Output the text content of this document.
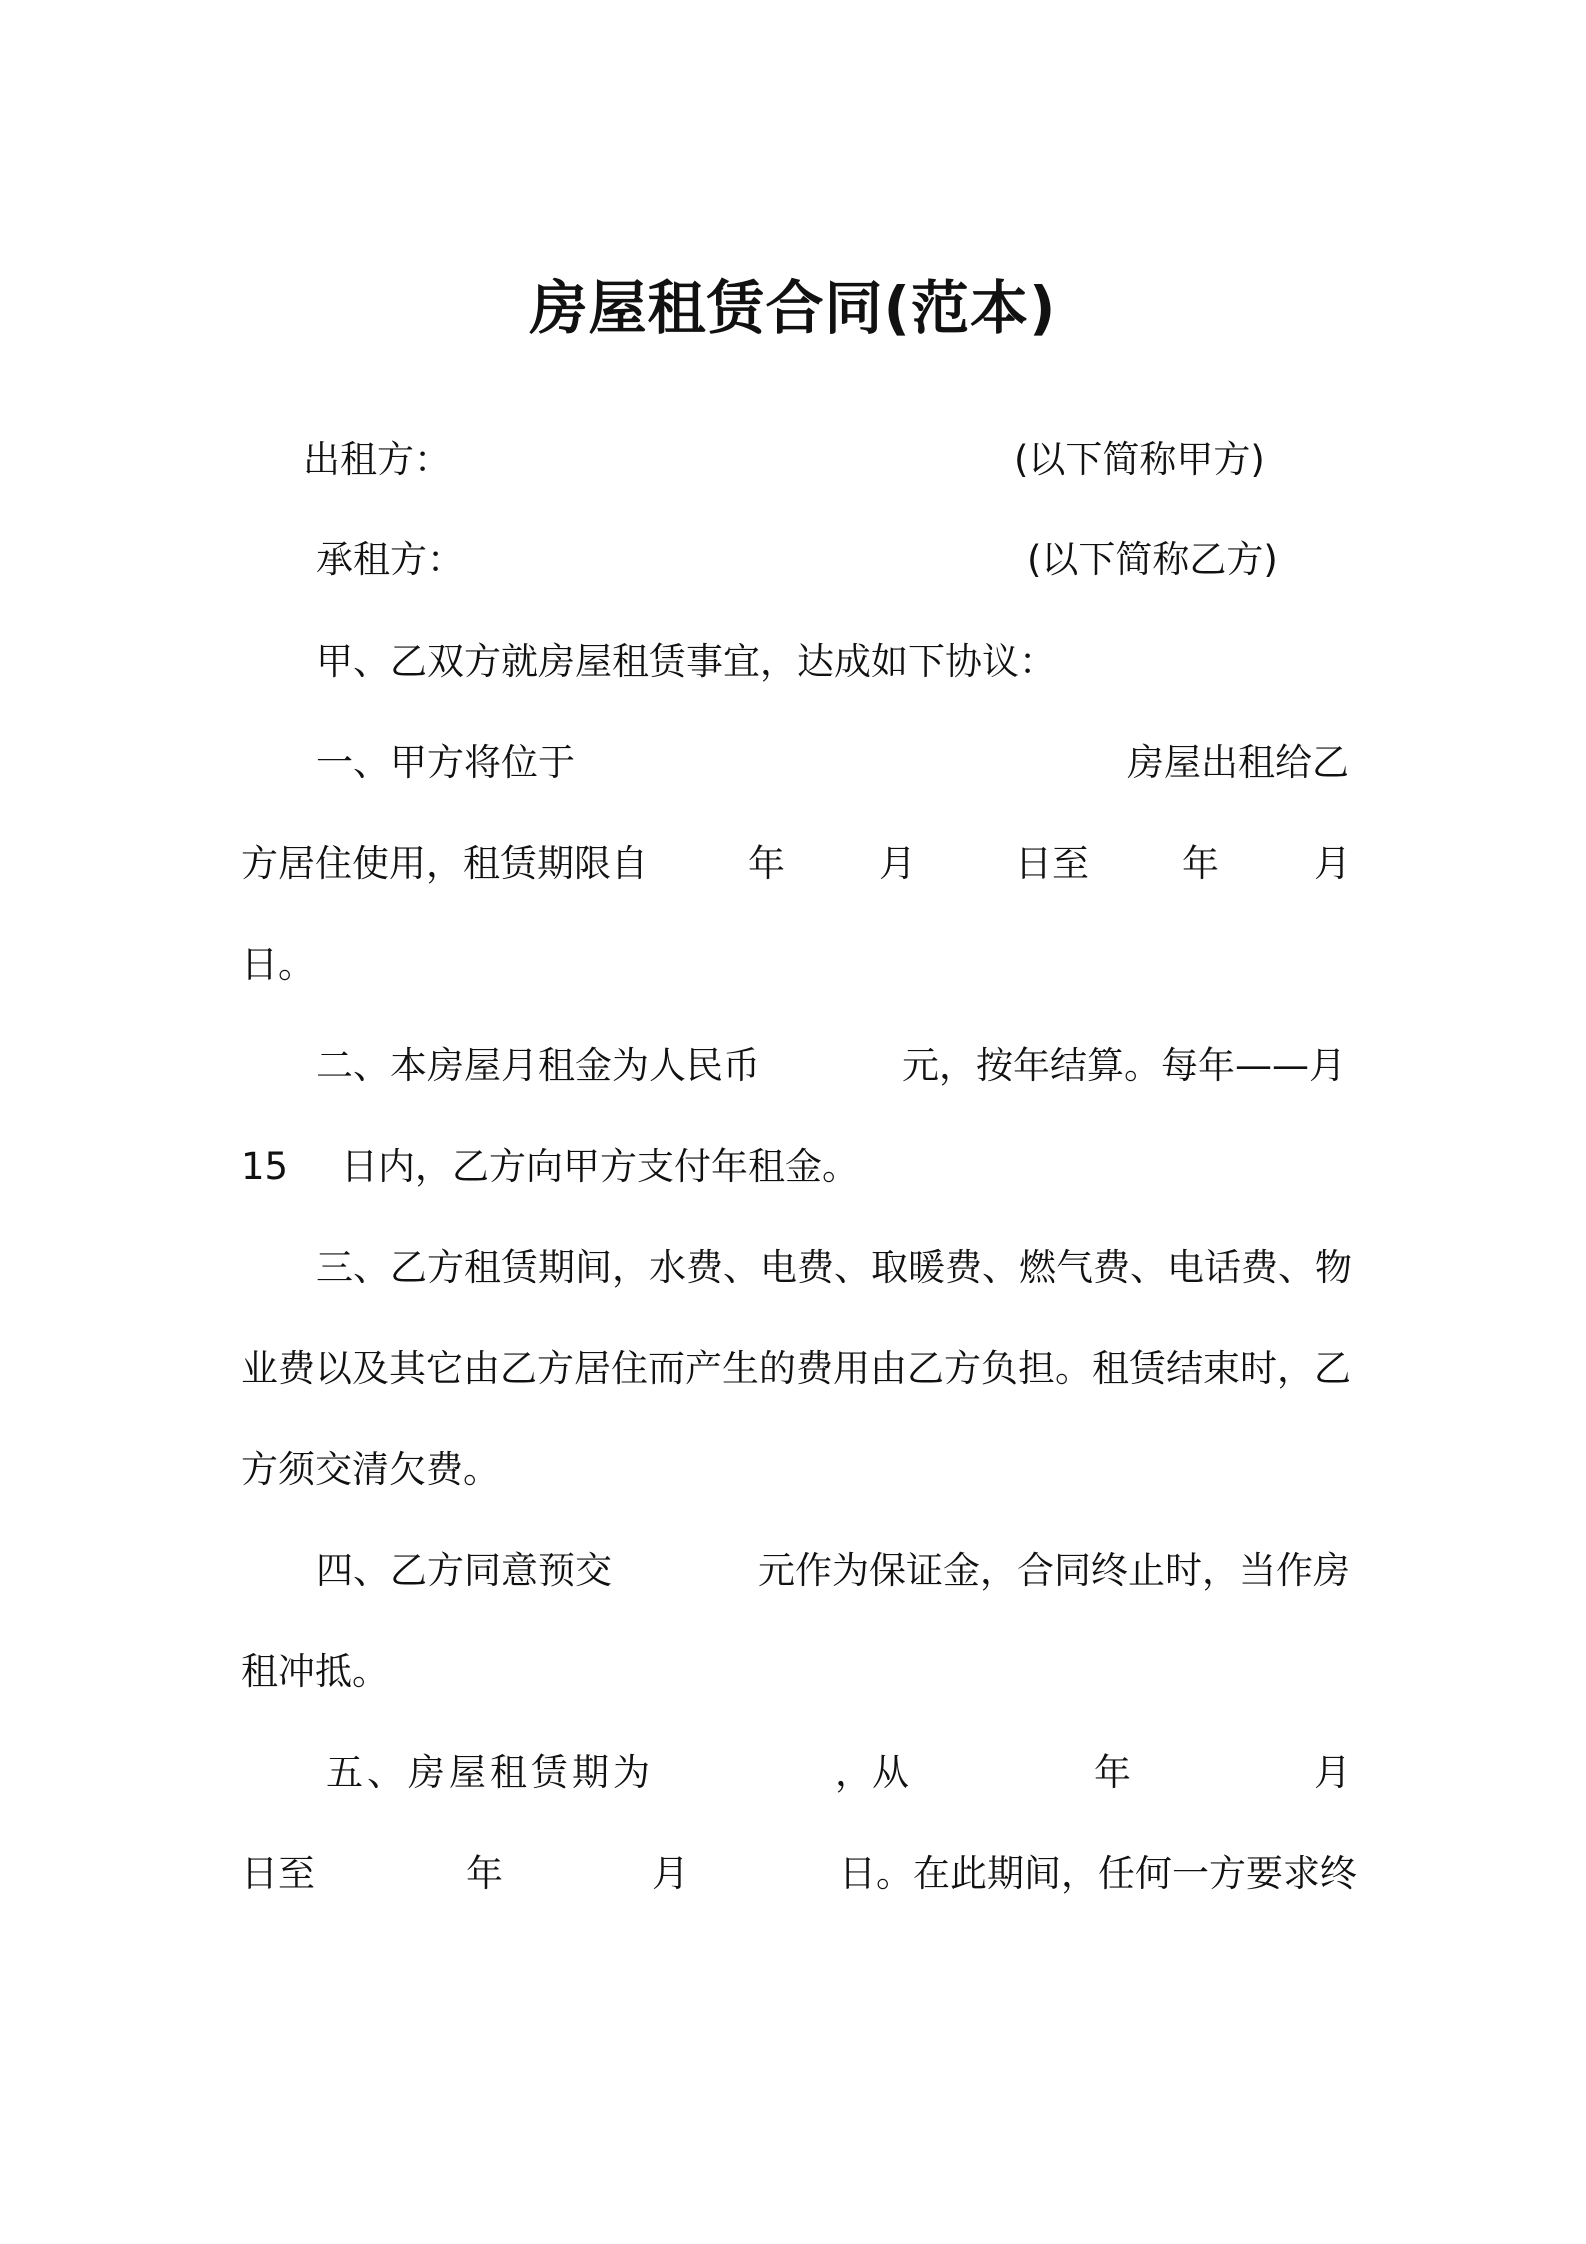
房屋租赁合同(范本)
出租方：	(以下简称甲方)
承租方：	(以下简称乙方)
甲、乙双方就房屋租赁事宜，达成如下协议：
一、甲方将位于	房屋出租给乙
方居住使用，租赁期限自	年	月	日至	年	月
日。
二、本房屋月租金为人民币	元，按年结算。每年——月
15 日内，乙方向甲方支付年租金。
三、乙方租赁期间，水费、电费、取暖费、燃气费、电话费、物
业费以及其它由乙方居住而产生的费用由乙方负担。租赁结束时，乙
方须交清欠费。
四、乙方同意预交	元作为保证金，合同终止时，当作房
租冲抵。
五、房屋租赁期为	，从	年	月
日至	年	月	日。在此期间，任何一方要求终
